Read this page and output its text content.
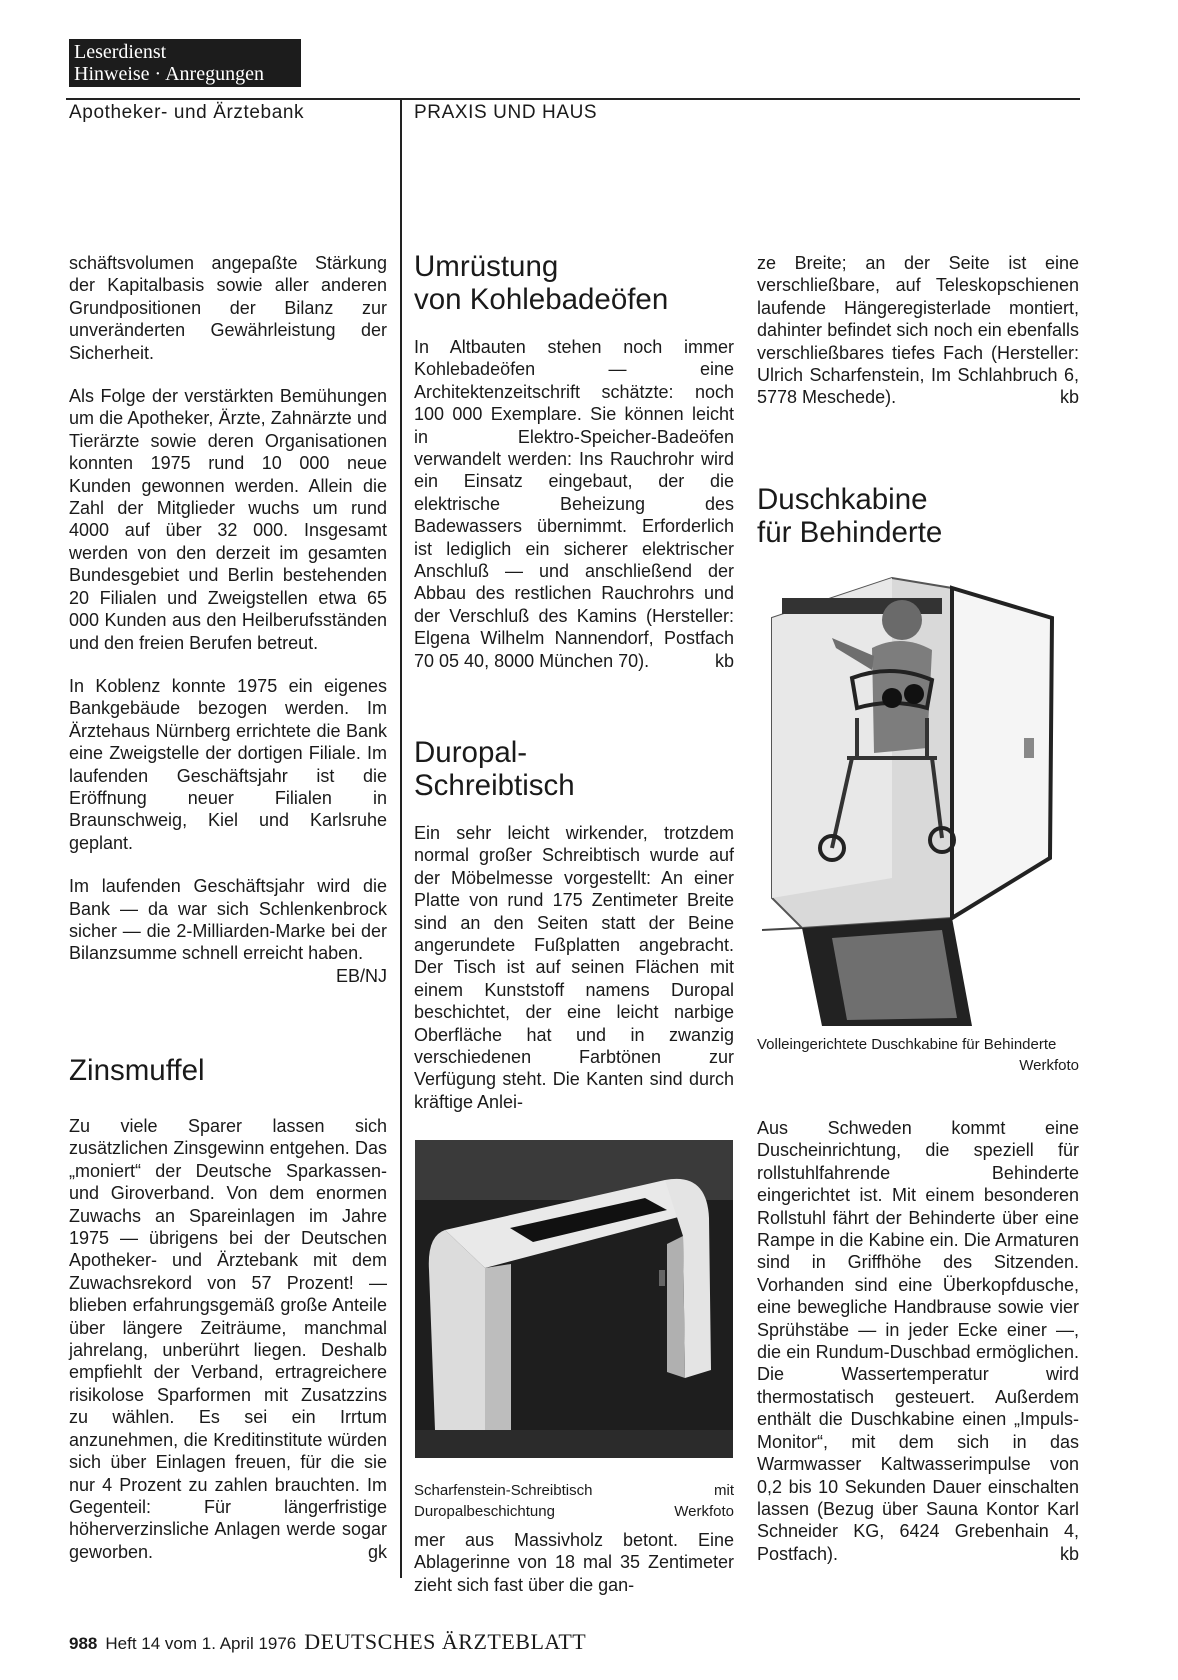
Leserdienst
Hinweise · Anregungen
Apotheker- und Ärztebank	PRAXIS UND HAUS

schäftsvolumen angepaßte Stärkung der Kapitalbasis sowie aller anderen Grundpositionen der Bilanz zur unveränderten Gewährleistung der Sicherheit.

Als Folge der verstärkten Bemühungen um die Apotheker, Ärzte, Zahnärzte und Tierärzte sowie deren Organisationen konnten 1975 rund 10 000 neue Kunden gewonnen werden. Allein die Zahl der Mitglieder wuchs um rund 4000 auf über 32 000. Insgesamt werden von den derzeit im gesamten Bundesgebiet und Berlin bestehenden 20 Filialen und Zweigstellen etwa 65 000 Kunden aus den Heilberufsständen und den freien Berufen betreut.

In Koblenz konnte 1975 ein eigenes Bankgebäude bezogen werden. Im Ärztehaus Nürnberg errichtete die Bank eine Zweigstelle der dortigen Filiale. Im laufenden Geschäftsjahr ist die Eröffnung neuer Filialen in Braunschweig, Kiel und Karlsruhe geplant.

Im laufenden Geschäftsjahr wird die Bank — da war sich Schlenkenbrock sicher — die 2-Milliarden-Marke bei der Bilanzsumme schnell erreicht haben.
EB/NJ

Zinsmuffel

Zu viele Sparer lassen sich zusätzlichen Zinsgewinn entgehen. Das „moniert“ der Deutsche Sparkassen- und Giroverband. Von dem enormen Zuwachs an Spareinlagen im Jahre 1975 — übrigens bei der Deutschen Apotheker- und Ärztebank mit dem Zuwachsrekord von 57 Prozent! — blieben erfahrungsgemäß große Anteile über längere Zeiträume, manchmal jahrelang, unberührt liegen. Deshalb empfiehlt der Verband, ertragreichere risikolose Sparformen mit Zusatzzins zu wählen. Es sei ein Irrtum anzunehmen, die Kreditinstitute würden sich über Einlagen freuen, für die sie nur 4 Prozent zu zahlen brauchten. Im Gegenteil: Für längerfristige höherverzinsliche Anlagen werde sogar geworben.	gk

Umrüstung
von Kohlebadeöfen

In Altbauten stehen noch immer Kohlebadeöfen — eine Architektenzeitschrift schätzte: noch 100 000 Exemplare. Sie können leicht in Elektro-Speicher-Badeöfen verwandelt werden: Ins Rauchrohr wird ein Einsatz eingebaut, der die elektrische Beheizung des Badewassers übernimmt. Erforderlich ist lediglich ein sicherer elektrischer Anschluß — und anschließend der Abbau des restlichen Rauchrohrs und der Verschluß des Kamins (Hersteller: Elgena Wilhelm Nannendorf, Postfach 70 05 40, 8000 München 70).	kb

Duropal-
Schreibtisch

Ein sehr leicht wirkender, trotzdem normal großer Schreibtisch wurde auf der Möbelmesse vorgestellt: An einer Platte von rund 175 Zentimeter Breite sind an den Seiten statt der Beine angerundete Fußplatten angebracht. Der Tisch ist auf seinen Flächen mit einem Kunststoff namens Duropal beschichtet, der eine leicht narbige Oberfläche hat und in zwanzig verschiedenen Farbtönen zur Verfügung steht. Die Kanten sind durch kräftige Anlei-

Scharfenstein-Schreibtisch mit Duropalbeschichtung	Werkfoto

mer aus Massivholz betont. Eine Ablagerinne von 18 mal 35 Zentimeter zieht sich fast über die gan-

ze Breite; an der Seite ist eine verschließbare, auf Teleskopschienen laufende Hängeregisterlade montiert, dahinter befindet sich noch ein ebenfalls verschließbares tiefes Fach (Hersteller: Ulrich Scharfenstein, Im Schlahbruch 6, 5778 Meschede).	kb

Duschkabine
für Behinderte
Volleingerichtete Duschkabine für Behinderte
Werkfoto

Aus Schweden kommt eine Duscheinrichtung, die speziell für rollstuhlfahrende Behinderte eingerichtet ist. Mit einem besonderen Rollstuhl fährt der Behinderte über eine Rampe in die Kabine ein. Die Armaturen sind in Griffhöhe des Sitzenden. Vorhanden sind eine Überkopfdusche, eine bewegliche Handbrause sowie vier Sprühstäbe — in jeder Ecke einer —, die ein Rundum-Duschbad ermöglichen. Die Wassertemperatur wird thermostatisch gesteuert. Außerdem enthält die Duschkabine einen „Impuls-Monitor“, mit dem sich in das Warmwasser Kaltwasserimpulse von 0,2 bis 10 Sekunden Dauer einschalten lassen (Bezug über Sauna Kontor Karl Schneider KG, 6424 Grebenhain 4, Postfach).	kb

988 Heft 14 vom 1. April 1976 DEUTSCHES ÄRZTEBLATT
